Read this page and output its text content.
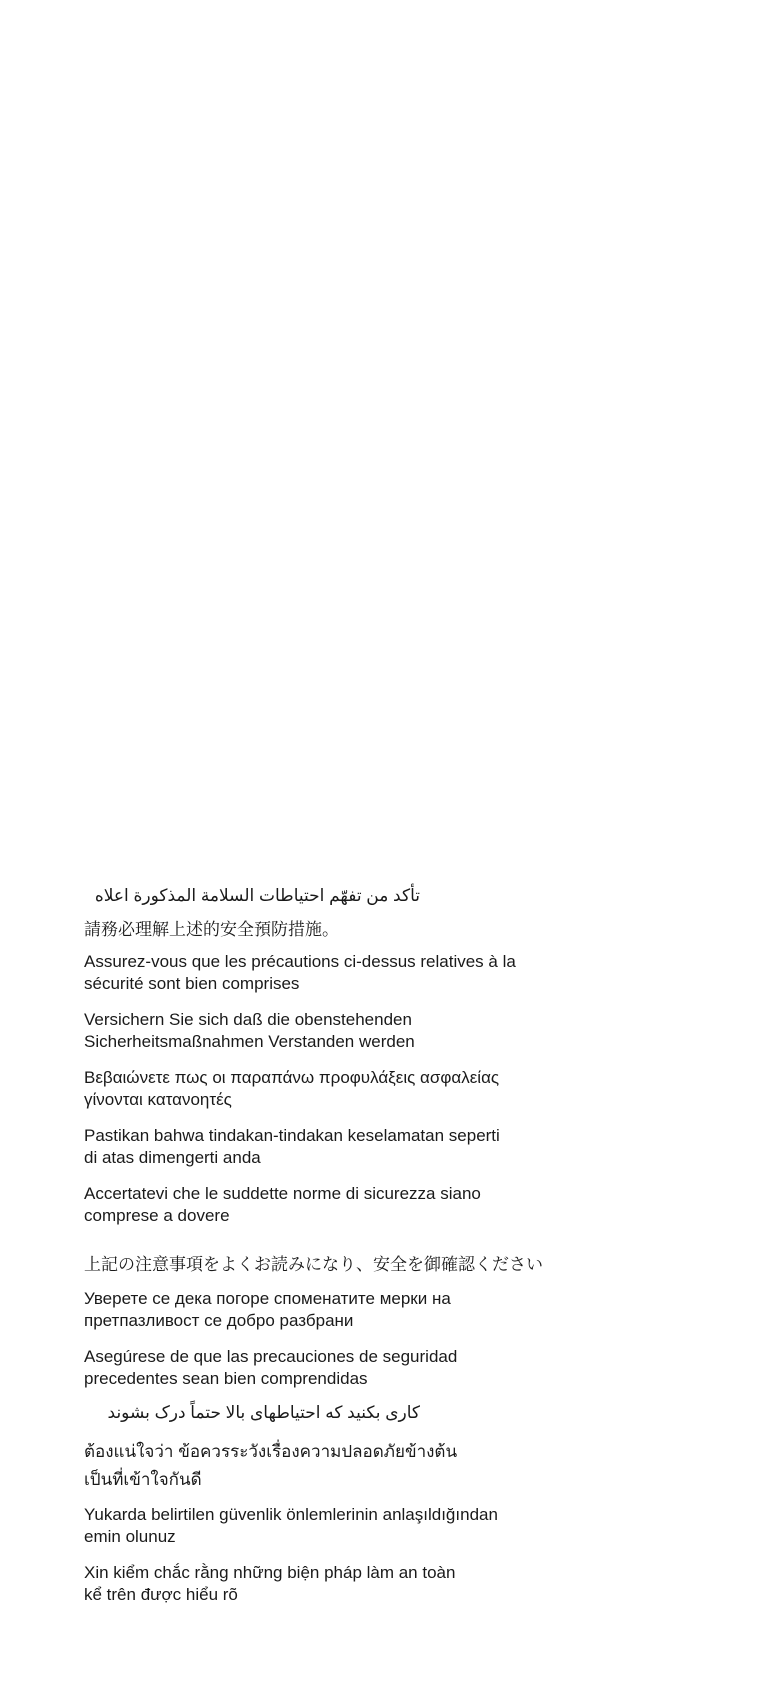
تأكد من تفهّم احتياطات السلامة المذكورة اعلاه

請務必理解上述的安全預防措施。

Assurez-vous que les précautions ci-dessus relatives à la
sécurité sont bien comprises

Versichern Sie sich daß die obenstehenden
Sicherheitsmaßnahmen Verstanden werden

Βεβαιώνετε πως οι παραπάνω προφυλάξεις ασφαλείας
γίνονται κατανοητές

Pastikan bahwa tindakan-tindakan keselamatan seperti
di atas dimengerti anda

Accertatevi che le suddette norme di sicurezza siano
comprese a dovere

上記の注意事項をよくお読みになり、安全を御確認ください

Уверете се дека погоре споменатите мерки на
претпазливост се добро разбрани

Asegúrese de que las precauciones de seguridad
precedentes sean bien comprendidas

کاری بکنید که احتیاطهای بالا حتماً درک بشوند

ต้องแน่ใจว่า ข้อควรระวังเรื่องความปลอดภัยข้างต้น
เป็นที่เข้าใจกันดี

Yukarda belirtilen güvenlik önlemlerinin anlaşıldığından
emin olunuz

Xin kiểm chắc rằng những biện pháp làm an toàn
kể trên được hiểu rõ
